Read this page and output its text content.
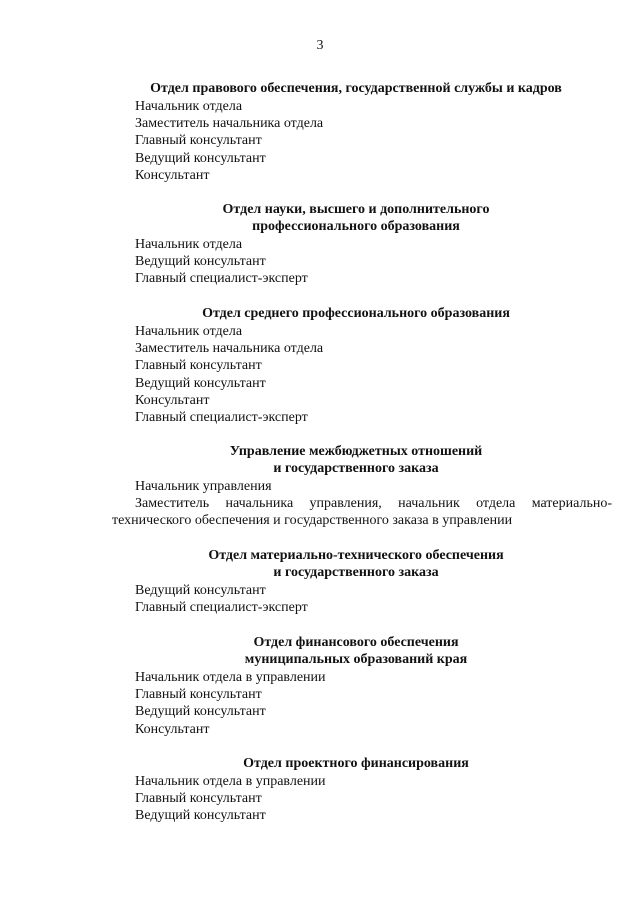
3
Отдел правового обеспечения, государственной службы и кадров
Начальник отдела
Заместитель начальника отдела
Главный консультант
Ведущий консультант
Консультант
Отдел науки, высшего и дополнительного
профессионального образования
Начальник отдела
Ведущий консультант
Главный специалист-эксперт
Отдел среднего профессионального образования
Начальник отдела
Заместитель начальника отдела
Главный консультант
Ведущий консультант
Консультант
Главный специалист-эксперт
Управление межбюджетных отношений
и государственного заказа
Начальник управления
Заместитель начальника управления, начальник отдела материально-технического обеспечения и государственного заказа в управлении
Отдел материально-технического обеспечения
и государственного заказа
Ведущий консультант
Главный специалист-эксперт
Отдел финансового обеспечения
муниципальных образований края
Начальник отдела в управлении
Главный консультант
Ведущий консультант
Консультант
Отдел проектного финансирования
Начальник отдела в управлении
Главный консультант
Ведущий консультант
